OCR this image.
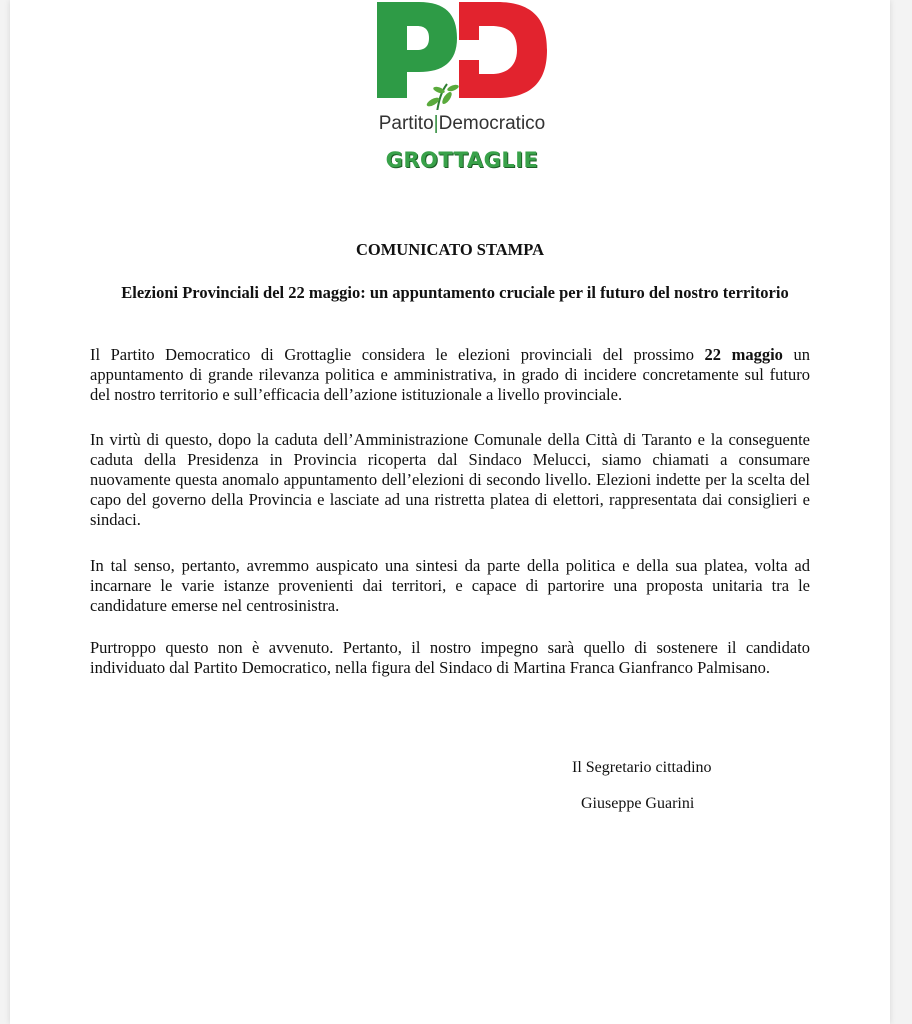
Partito|Democratico
GROTTAGLIE
COMUNICATO STAMPA
Elezioni Provinciali del 22 maggio: un appuntamento cruciale per il futuro del nostro territorio

Il Partito Democratico di Grottaglie considera le elezioni provinciali del prossimo 22 maggio un appuntamento di grande rilevanza politica e amministrativa, in grado di incidere concretamente sul futuro del nostro territorio e sull’efficacia dell’azione istituzionale a livello provinciale.

In virtù di questo, dopo la caduta dell’Amministrazione Comunale della Città di Taranto e la conseguente caduta della Presidenza in Provincia ricoperta dal Sindaco Melucci, siamo chiamati a consumare nuovamente questa anomalo appuntamento dell’elezioni di secondo livello. Elezioni indette per la scelta del capo del governo della Provincia e lasciate ad una ristretta platea di elettori, rappresentata dai consiglieri e sindaci.

In tal senso, pertanto, avremmo auspicato una sintesi da parte della politica e della sua platea, volta ad incarnare le varie istanze provenienti dai territori, e capace di partorire una proposta unitaria tra le candidature emerse nel centrosinistra.

Purtroppo questo non è avvenuto. Pertanto, il nostro impegno sarà quello di sostenere il candidato individuato dal Partito Democratico, nella figura del Sindaco di Martina Franca Gianfranco Palmisano.

Il Segretario cittadino
Giuseppe Guarini
